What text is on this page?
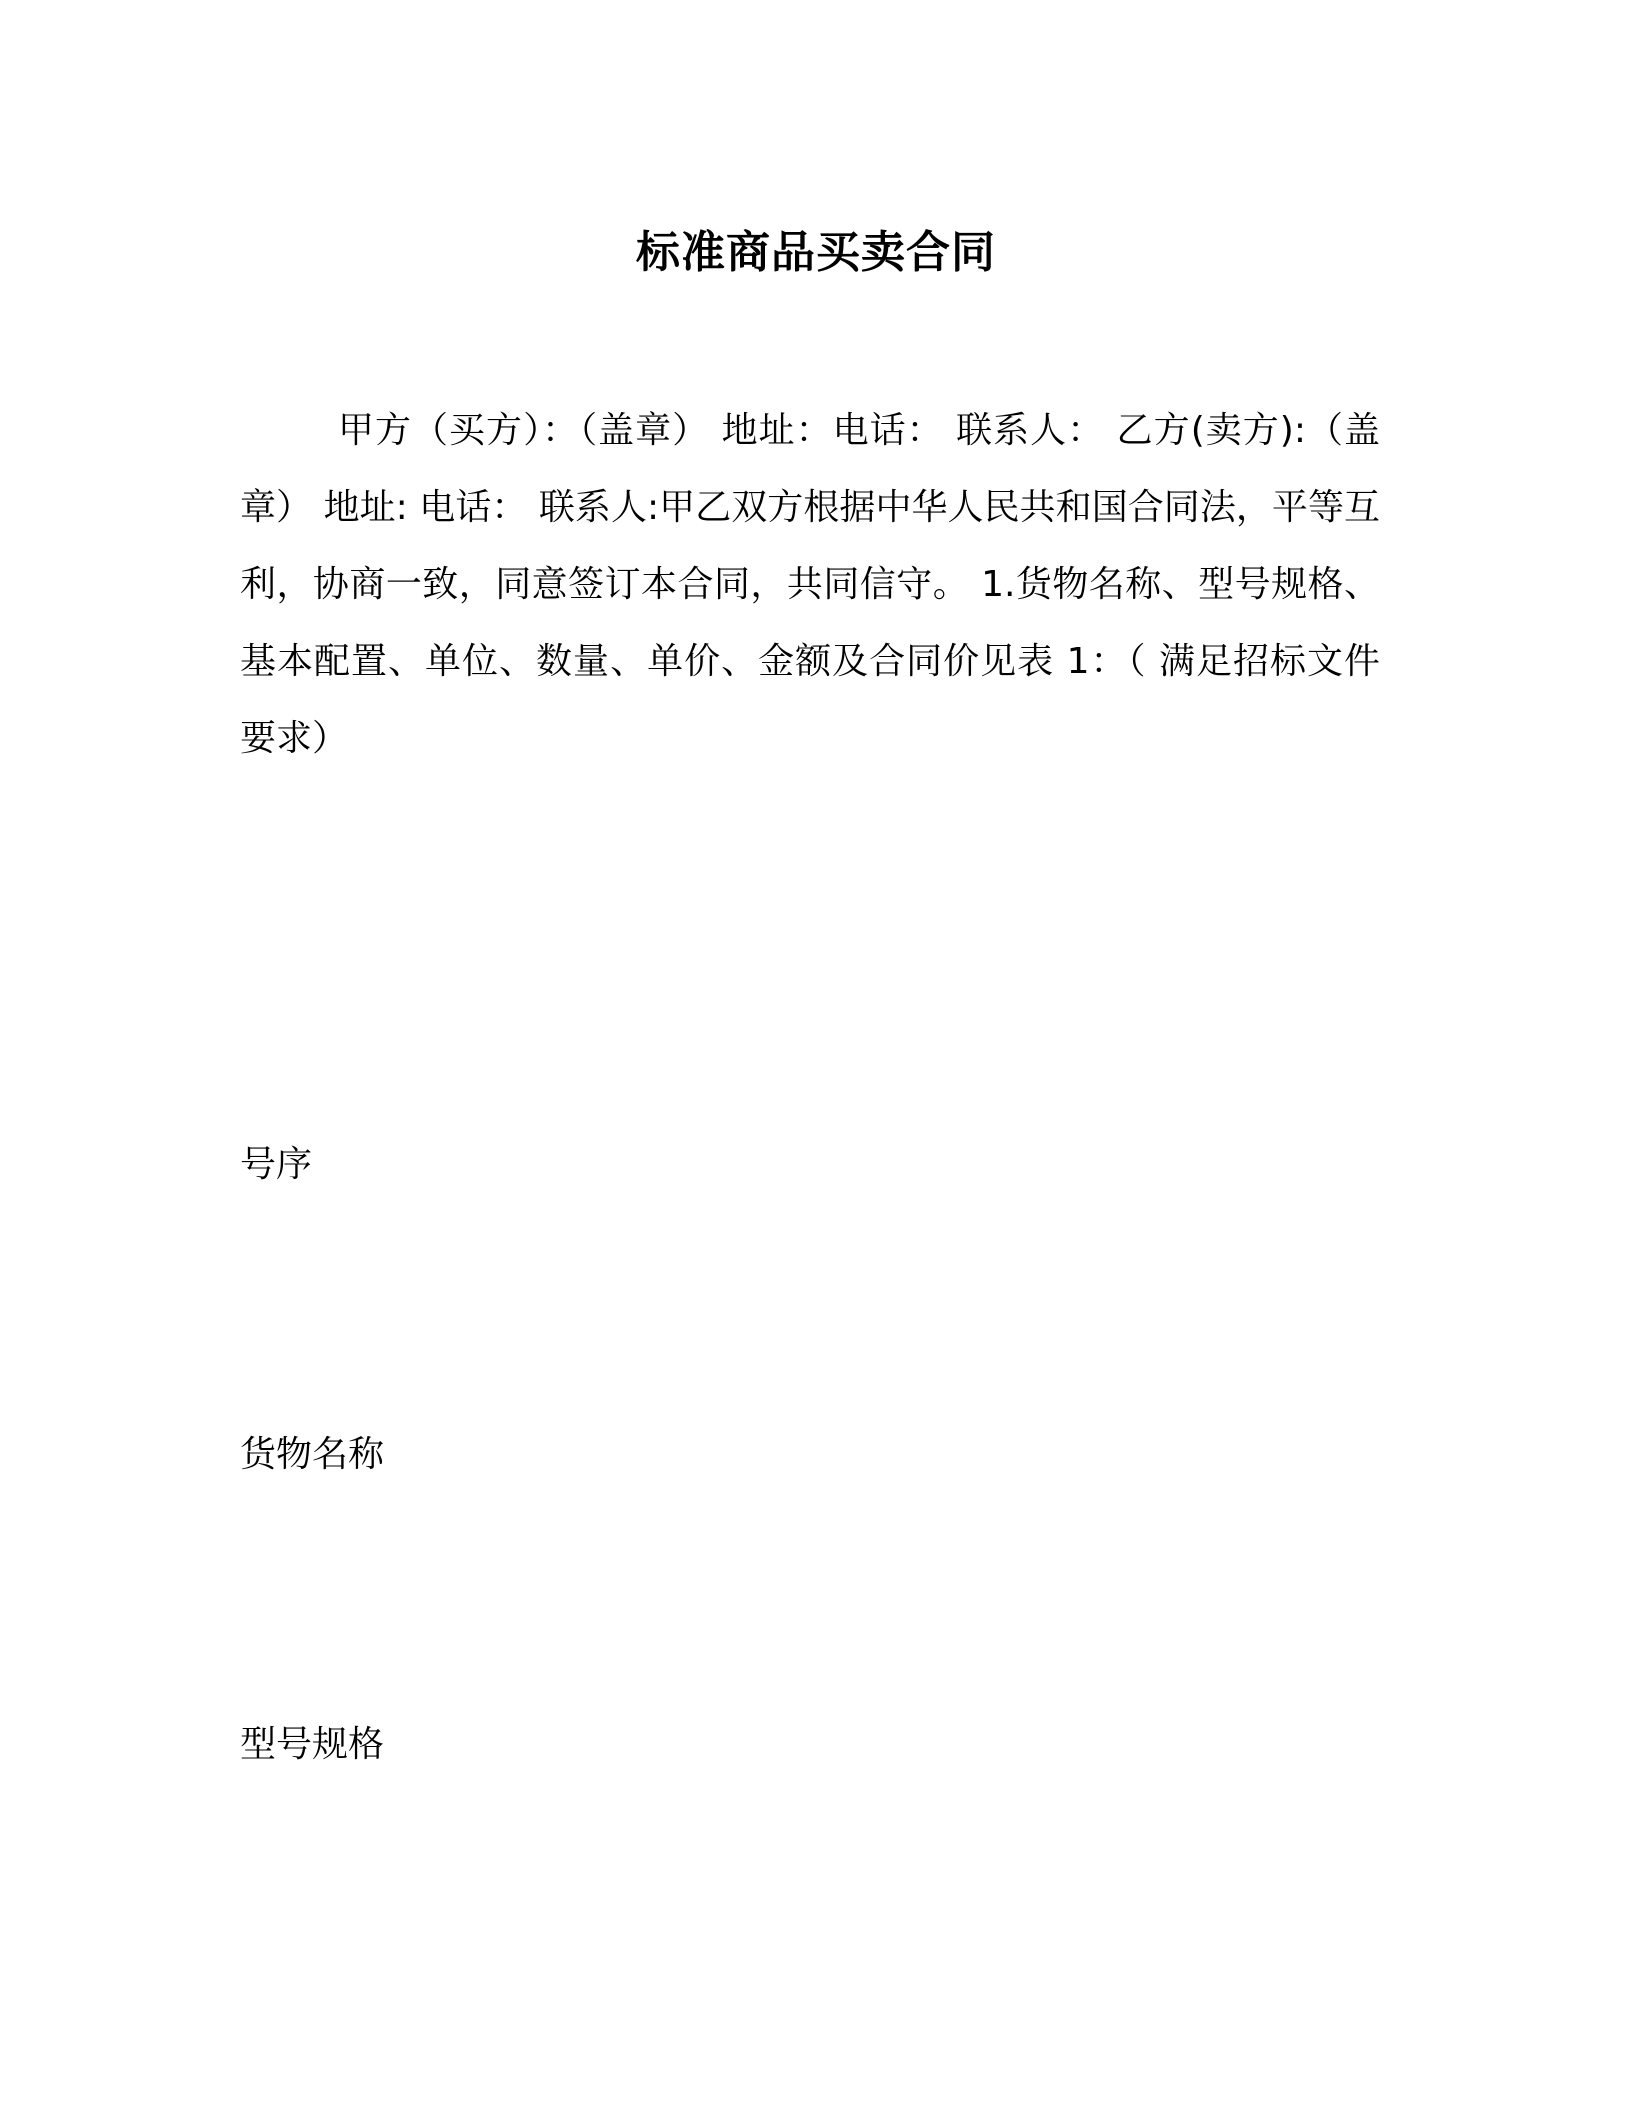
标准商品买卖合同
甲方（买方）：（盖章） 地址：电话： 联系人： 乙方(卖方):（盖章） 地址: 电话： 联系人:甲乙双方根据中华人民共和国合同法，平等互利，协商一致，同意签订本合同，共同信守。 1.货物名称、型号规格、基本配置、单位、数量、单价、金额及合同价见表 1：（ 满足招标文件要求）
号序
货物名称
型号规格
